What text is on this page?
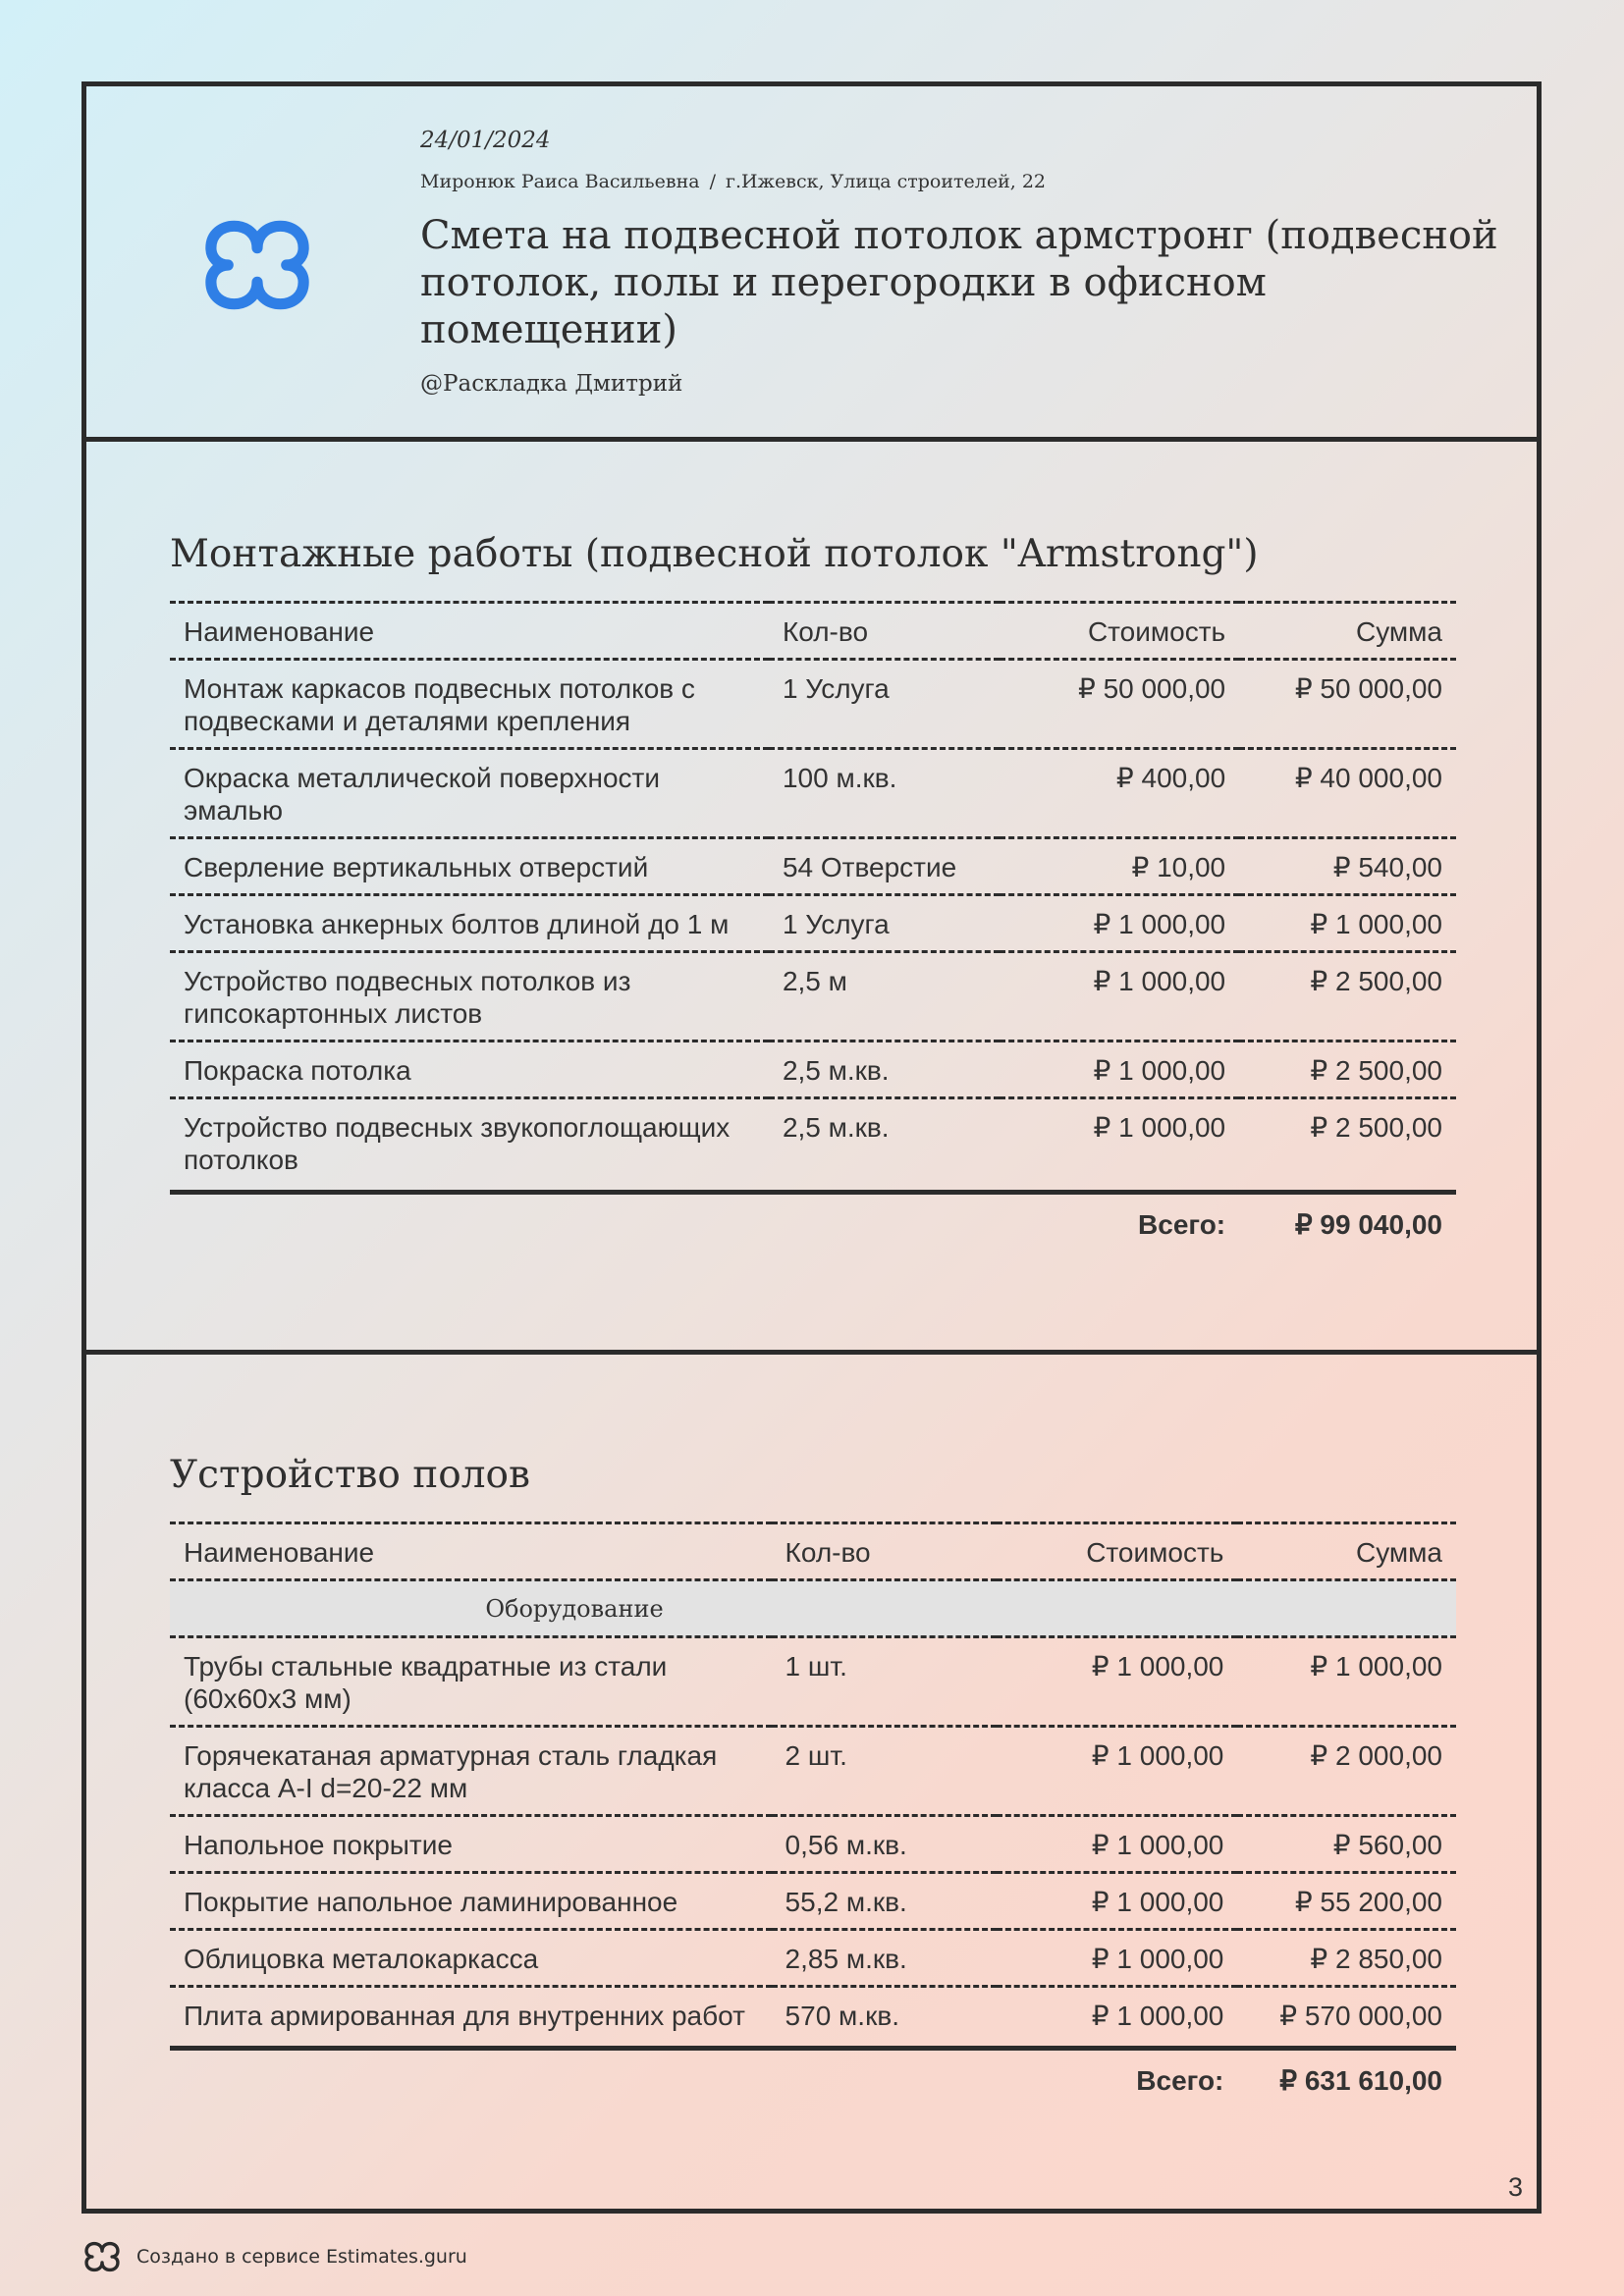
24/01/2024

Миронюк Раиса Васильевна / г.Ижевск, Улица строителей, 22

Смета на подвесной потолок армстронг (подвесной потолок, полы и перегородки в офисном помещении)

@Раскладка Дмитрий

Монтажные работы (подвесной потолок "Armstrong")
Наименование	Кол-во	Стоимость	Сумма
Монтаж каркасов подвесных потолков с подвесками и деталями крепления	1 Услуга	₽ 50 000,00	₽ 50 000,00
Окраска металлической поверхности эмалью	100 м.кв.	₽ 400,00	₽ 40 000,00
Сверление вертикальных отверстий	54 Отверстие	₽ 10,00	₽ 540,00
Установка анкерных болтов длиной до 1 м	1 Услуга	₽ 1 000,00	₽ 1 000,00
Устройство подвесных потолков из гипсокартонных листов	2,5 м	₽ 1 000,00	₽ 2 500,00
Покраска потолка	2,5 м.кв.	₽ 1 000,00	₽ 2 500,00
Устройство подвесных звукопоглощающих потолков	2,5 м.кв.	₽ 1 000,00	₽ 2 500,00
		Всего:	₽ 99 040,00
Устройство полов
Наименование	Кол-во	Стоимость	Сумма
Оборудование			
Трубы стальные квадратные из стали (60x60x3 мм)	1 шт.	₽ 1 000,00	₽ 1 000,00
Горячекатаная арматурная сталь гладкая класса A-I d=20-22 мм	2 шт.	₽ 1 000,00	₽ 2 000,00
Напольное покрытие	0,56 м.кв.	₽ 1 000,00	₽ 560,00
Покрытие напольное ламинированное	55,2 м.кв.	₽ 1 000,00	₽ 55 200,00
Облицовка металокаркасса	2,85 м.кв.	₽ 1 000,00	₽ 2 850,00
Плита армированная для внутренних работ	570 м.кв.	₽ 1 000,00	₽ 570 000,00
		Всего:	₽ 631 610,00
3
Создано в сервисе Estimates.guru
